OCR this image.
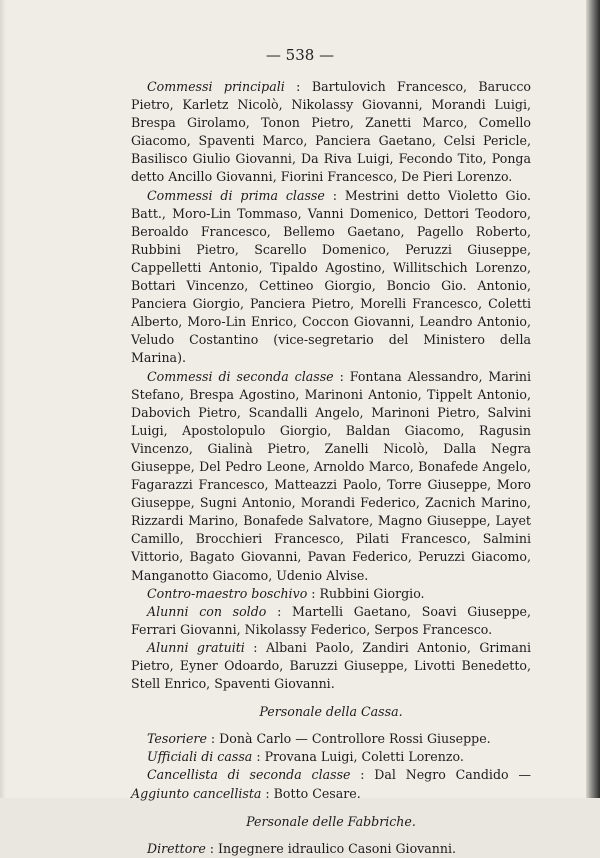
— 538 —

Commessi principali : Bartulovich Francesco, Barucco Pietro, Karletz Nicolò, Nikolassy Giovanni, Morandi Luigi, Brespa Girolamo, Tonon Pietro, Zanetti Marco, Comello Giacomo, Spaventi Marco, Panciera Gaetano, Celsi Pericle, Basilisco Giulio Giovanni, Da Riva Luigi, Fecondo Tito, Ponga detto Ancillo Giovanni, Fiorini Francesco, De Pieri Lorenzo.

Commessi di prima classe : Mestrini detto Violetto Gio. Batt., Moro-Lin Tommaso, Vanni Domenico, Dettori Teodoro, Beroaldo Francesco, Bellemo Gaetano, Pagello Roberto, Rubbini Pietro, Scarello Domenico, Peruzzi Giuseppe, Cappelletti Antonio, Tipaldo Agostino, Willitschich Lorenzo, Bottari Vincenzo, Cettineo Giorgio, Boncio Gio. Antonio, Panciera Giorgio, Panciera Pietro, Morelli Francesco, Coletti Alberto, Moro-Lin Enrico, Coccon Giovanni, Leandro Antonio, Veludo Costantino (vice-segretario del Ministero della Marina).

Commessi di seconda classe : Fontana Alessandro, Marini Stefano, Brespa Agostino, Marinoni Antonio, Tippelt Antonio, Dabovich Pietro, Scandalli Angelo, Marinoni Pietro, Salvini Luigi, Apostolopulo Giorgio, Baldan Giacomo, Ragusin Vincenzo, Gialinà Pietro, Zanelli Nicolò, Dalla Negra Giuseppe, Del Pedro Leone, Arnoldo Marco, Bonafede Angelo, Fagarazzi Francesco, Matteazzi Paolo, Torre Giuseppe, Moro Giuseppe, Sugni Antonio, Morandi Federico, Zacnich Marino, Rizzardi Marino, Bonafede Salvatore, Magno Giuseppe, Layet Camillo, Brocchieri Francesco, Pilati Francesco, Salmini Vittorio, Bagato Giovanni, Pavan Federico, Peruzzi Giacomo, Manganotto Giacomo, Udenio Alvise.

Contro-maestro boschivo : Rubbini Giorgio.

Alunni con soldo : Martelli Gaetano, Soavi Giuseppe, Ferrari Giovanni, Nikolassy Federico, Serpos Francesco.

Alunni gratuiti : Albani Paolo, Zandiri Antonio, Grimani Pietro, Eyner Odoardo, Baruzzi Giuseppe, Livotti Benedetto, Stell Enrico, Spaventi Giovanni.

Personale della Cassa.

Tesoriere : Donà Carlo — Controllore Rossi Giuseppe.

Ufficiali di cassa : Provana Luigi, Coletti Lorenzo.

Cancellista di seconda classe : Dal Negro Candido — Aggiunto cancellista : Botto Cesare.

Personale delle Fabbriche.

Direttore : Ingegnere idraulico Casoni Giovanni.
